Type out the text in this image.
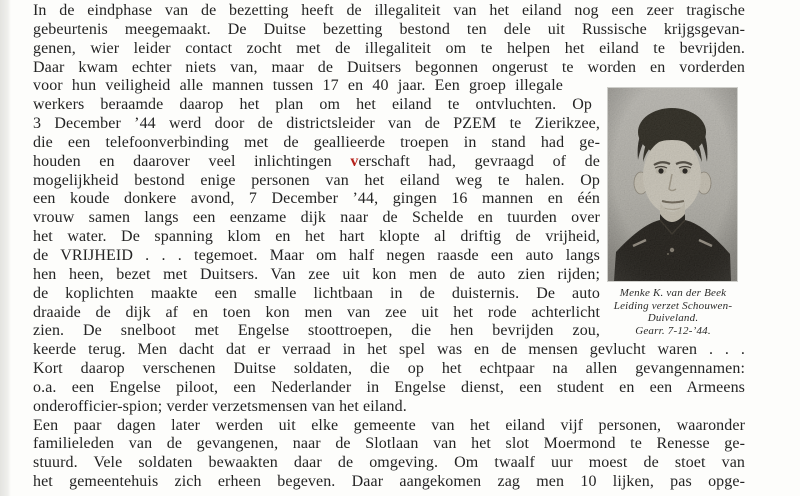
In de eindphase van de bezetting heeft de illegaliteit van het eiland nog een zeer tragische
gebeurtenis meegemaakt. De Duitse bezetting bestond ten dele uit Russische krijgsgevan-
genen, wier leider contact zocht met de illegaliteit om te helpen het eiland te bevrijden.
Daar kwam echter niets van, maar de Duitsers begonnen ongerust te worden en vorderden
voor hun veiligheid alle mannen tussen 17 en 40 jaar. Een groep illegale
werkers beraamde daarop het plan om het eiland te ontvluchten. Op
3 December ’44 werd door de districtsleider van de PZEM te Zierikzee,
die een telefoonverbinding met de geallieerde troepen in stand had ge-
houden en daarover veel inlichtingen verschaft had, gevraagd of de
mogelijkheid bestond enige personen van het eiland weg te halen. Op
een koude donkere avond, 7 December ’44, gingen 16 mannen en één
vrouw samen langs een eenzame dijk naar de Schelde en tuurden over
het water. De spanning klom en het hart klopte al driftig de vrijheid,
de VRIJHEID . . . tegemoet. Maar om half negen raasde een auto langs
hen heen, bezet met Duitsers. Van zee uit kon men de auto zien rijden;
de koplichten maakte een smalle lichtbaan in de duisternis. De auto
draaide de dijk af en toen kon men van zee uit het rode achterlicht
zien. De snelboot met Engelse stoottroepen, die hen bevrijden zou,
keerde terug. Men dacht dat er verraad in het spel was en de mensen gevlucht waren . . .
Kort daarop verschenen Duitse soldaten, die op het echtpaar na allen gevangennamen:
o.a. een Engelse piloot, een Nederlander in Engelse dienst, een student en een Armeens
onderofficier-spion; verder verzetsmensen van het eiland.
Een paar dagen later werden uit elke gemeente van het eiland vijf personen, waaronder
familieleden van de gevangenen, naar de Slotlaan van het slot Moermond te Renesse ge-
stuurd. Vele soldaten bewaakten daar de omgeving. Om twaalf uur moest de stoet van
het gemeentehuis zich erheen begeven. Daar aangekomen zag men 10 lijken, pas opge-
Menke K. van der Beek
Leiding verzet Schouwen-
Duiveland.
Gearr. 7-12-’44.
